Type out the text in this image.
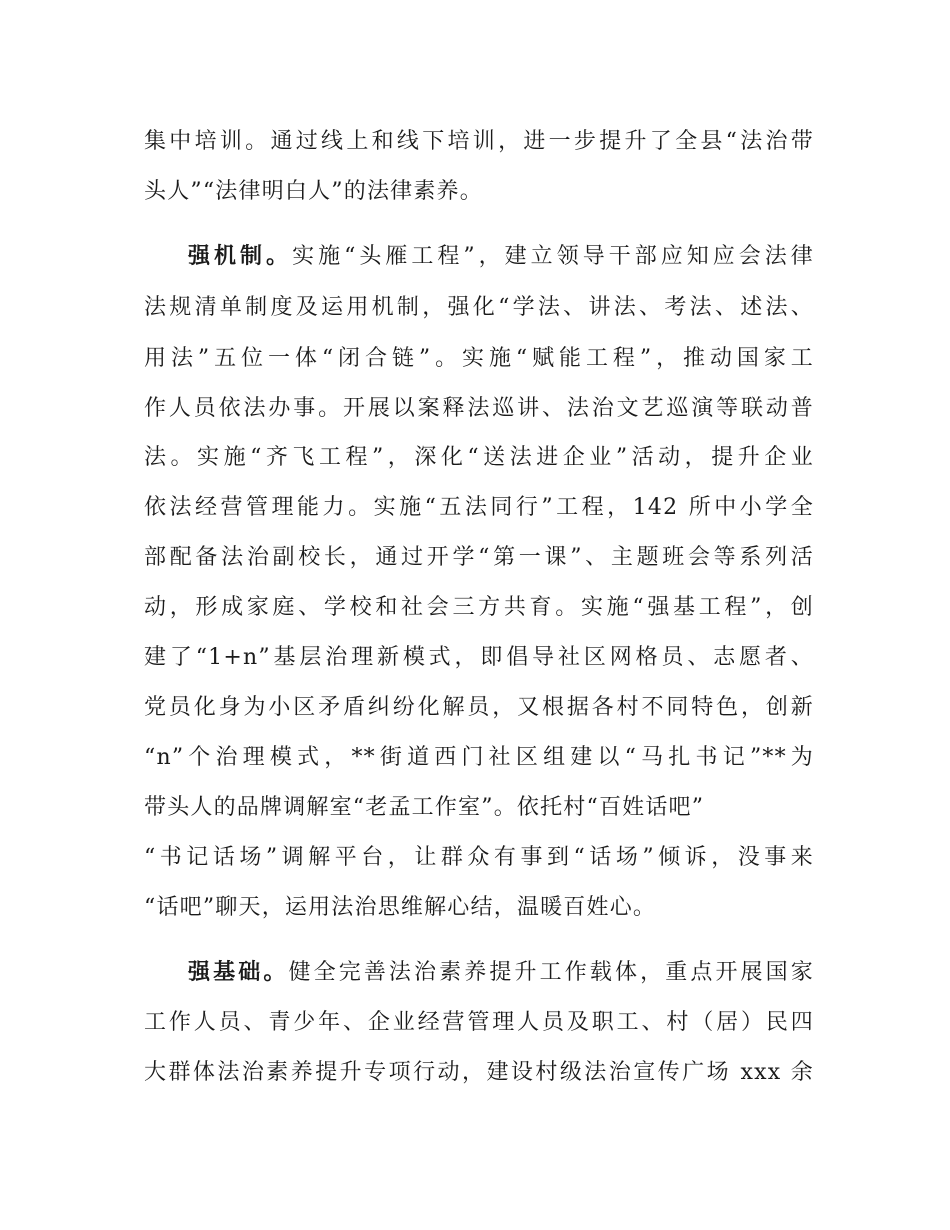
集中培训。通过线上和线下培训，进一步提升了全县“法治带
头人”“法律明白人”的法律素养。
强机制。实施“头雁工程”，建立领导干部应知应会法律
法规清单制度及运用机制，强化“学法、讲法、考法、述法、
用法”五位一体“闭合链”。实施“赋能工程”，推动国家工
作人员依法办事。开展以案释法巡讲、法治文艺巡演等联动普
法。实施“齐飞工程”，深化“送法进企业”活动，提升企业
依法经营管理能力。实施“五法同行”工程，142 所中小学全
部配备法治副校长，通过开学“第一课”、主题班会等系列活
动，形成家庭、学校和社会三方共育。实施“强基工程”，创
建了“1+n”基层治理新模式，即倡导社区网格员、志愿者、
党员化身为小区矛盾纠纷化解员，又根据各村不同特色，创新
“n”个治理模式，**街道西门社区组建以“马扎书记”**为
带头人的品牌调解室“老孟工作室”。依托村“百姓话吧”
“书记话场”调解平台，让群众有事到“话场”倾诉，没事来
“话吧”聊天，运用法治思维解心结，温暖百姓心。
强基础。健全完善法治素养提升工作载体，重点开展国家
工作人员、青少年、企业经营管理人员及职工、村（居）民四
大群体法治素养提升专项行动，建设村级法治宣传广场 xxx 余
